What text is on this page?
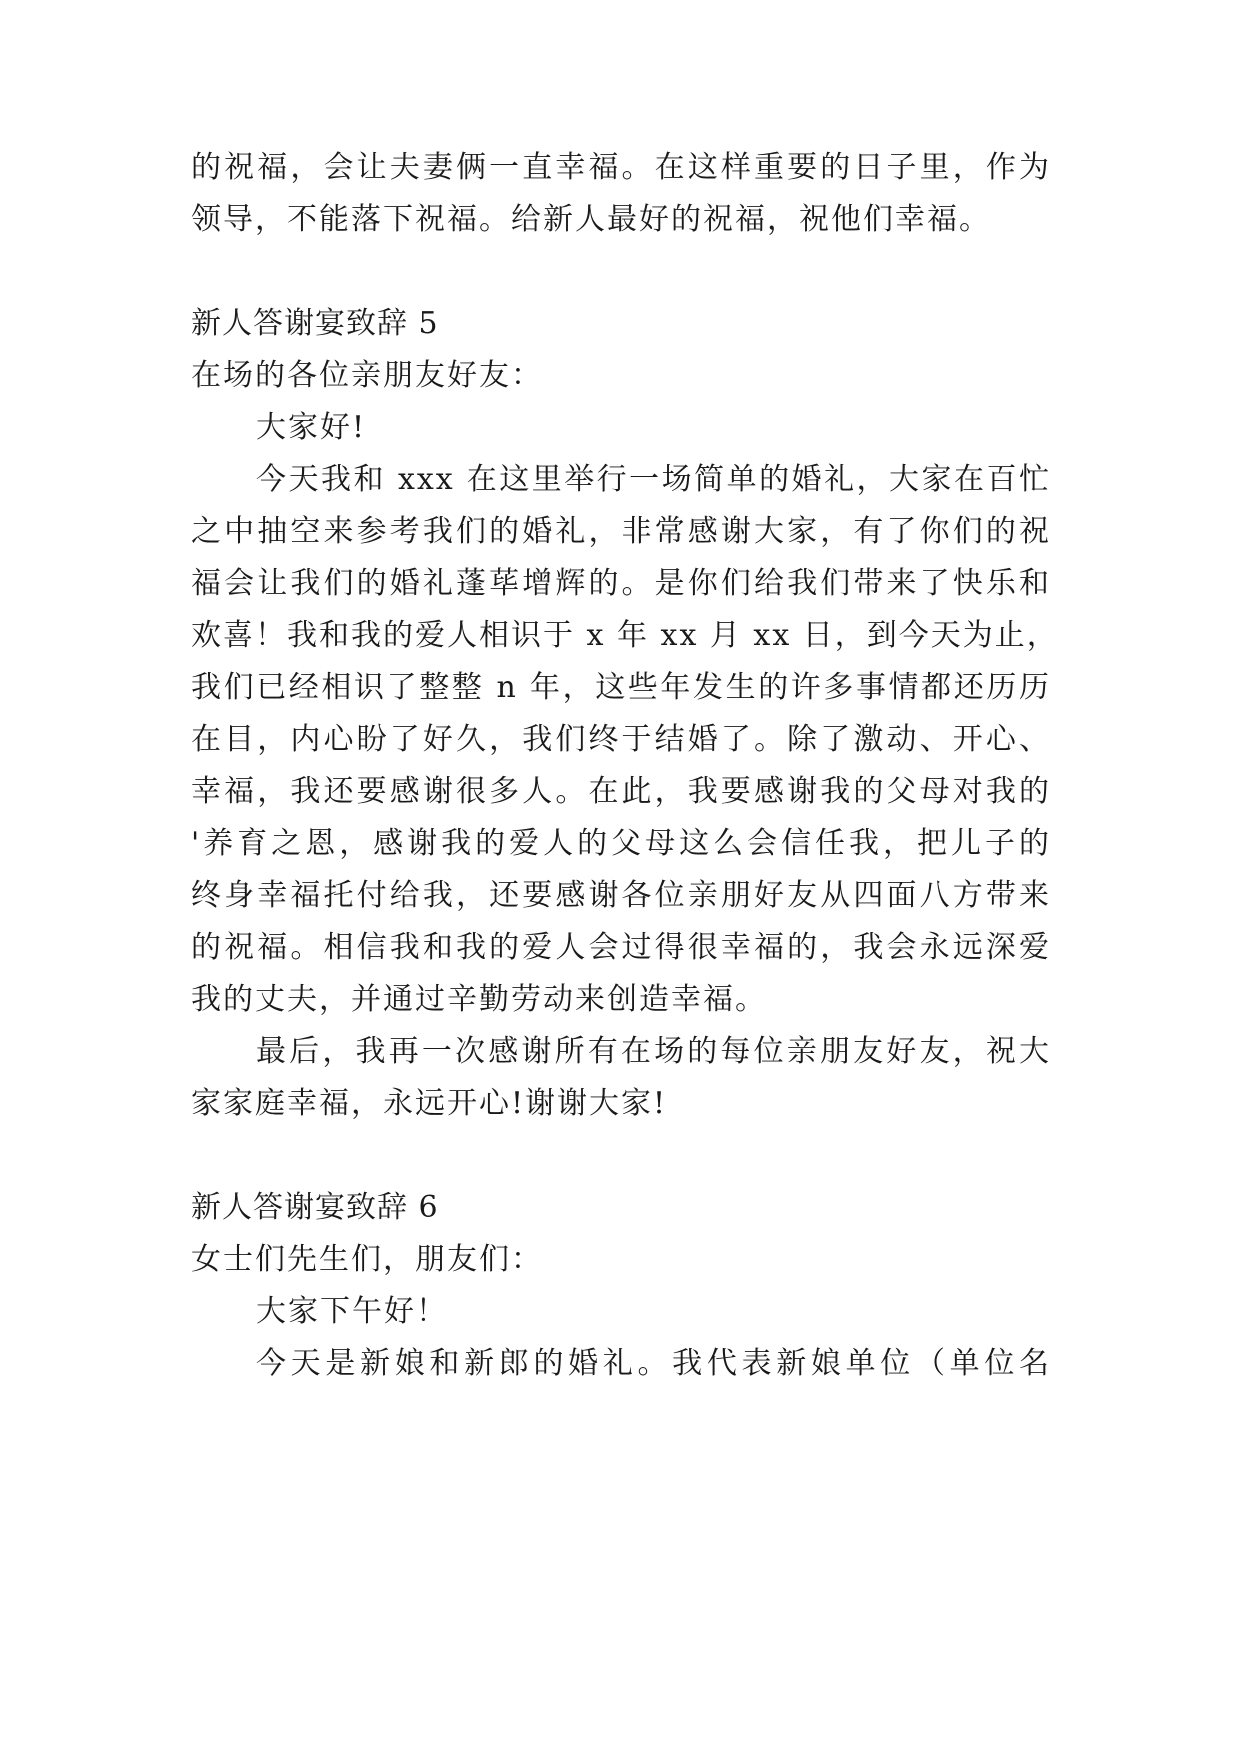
的祝福，会让夫妻俩一直幸福。在这样重要的日子里，作为
领导，不能落下祝福。给新人最好的祝福，祝他们幸福。
新人答谢宴致辞 5
在场的各位亲朋友好友：
大家好!
今天我和 xxx 在这里举行一场简单的婚礼，大家在百忙
之中抽空来参考我们的婚礼，非常感谢大家，有了你们的祝
福会让我们的婚礼蓬荜增辉的。是你们给我们带来了快乐和
欢喜！我和我的爱人相识于 x 年 xx 月 xx 日，到今天为止，
我们已经相识了整整 n 年，这些年发生的许多事情都还历历
在目，内心盼了好久，我们终于结婚了。除了激动、开心、
幸福，我还要感谢很多人。在此，我要感谢我的父母对我的
'养育之恩，感谢我的爱人的父母这么会信任我，把儿子的
终身幸福托付给我，还要感谢各位亲朋好友从四面八方带来
的祝福。相信我和我的爱人会过得很幸福的，我会永远深爱
我的丈夫，并通过辛勤劳动来创造幸福。
最后，我再一次感谢所有在场的每位亲朋友好友，祝大
家家庭幸福，永远开心!谢谢大家!
新人答谢宴致辞 6
女士们先生们，朋友们：
大家下午好！
今天是新娘和新郎的婚礼。我代表新娘单位（单位名
